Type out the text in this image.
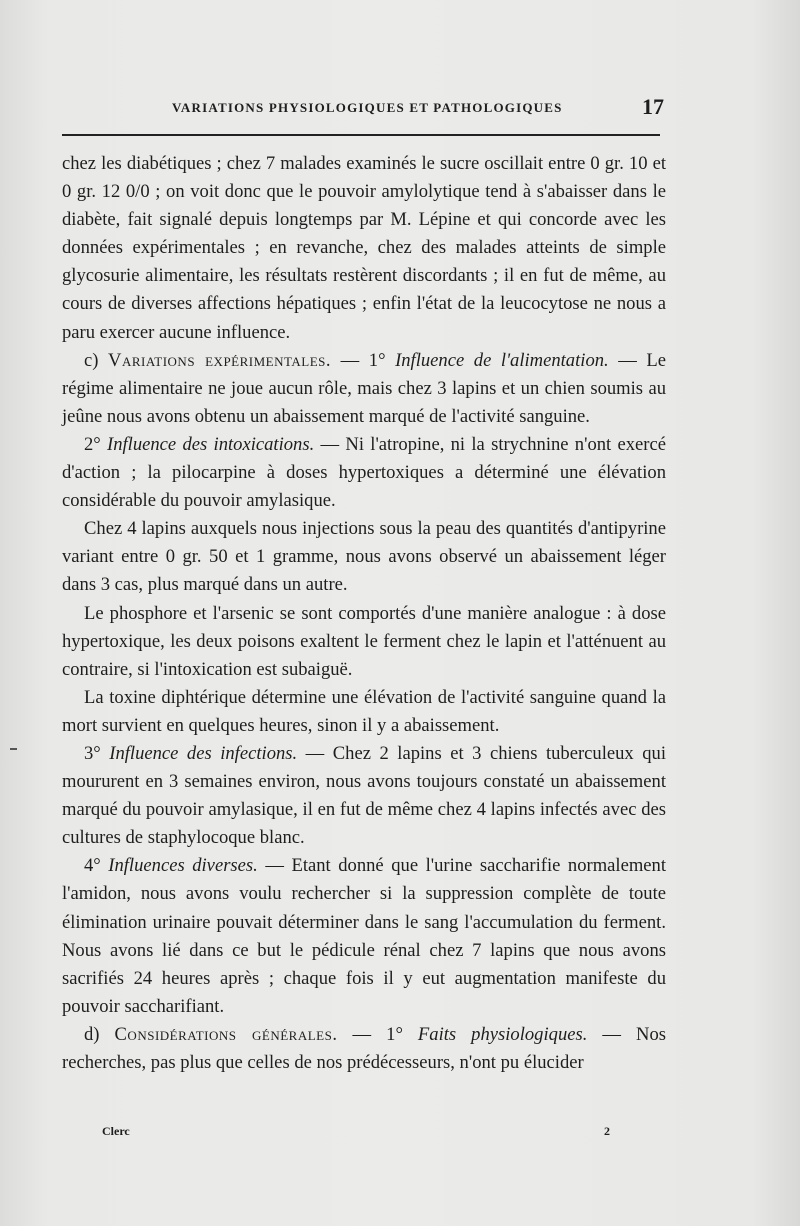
VARIATIONS PHYSIOLOGIQUES ET PATHOLOGIQUES	17

chez les diabétiques ; chez 7 malades examinés le sucre oscillait entre 0 gr. 10 et 0 gr. 12 0/0 ; on voit donc que le pouvoir amylolytique tend à s'abaisser dans le diabète, fait signalé depuis longtemps par M. Lépine et qui concorde avec les données expérimentales ; en revanche, chez des malades atteints de simple glycosurie alimentaire, les résultats restèrent discordants ; il en fut de même, au cours de diverses affections hépatiques ; enfin l'état de la leucocytose ne nous a paru exercer aucune influence.

c) Variations expérimentales. — 1° Influence de l'alimentation. — Le régime alimentaire ne joue aucun rôle, mais chez 3 lapins et un chien soumis au jeûne nous avons obtenu un abaissement marqué de l'activité sanguine.

2° Influence des intoxications. — Ni l'atropine, ni la strychnine n'ont exercé d'action ; la pilocarpine à doses hypertoxiques a déterminé une élévation considérable du pouvoir amylasique.

Chez 4 lapins auxquels nous injections sous la peau des quantités d'antipyrine variant entre 0 gr. 50 et 1 gramme, nous avons observé un abaissement léger dans 3 cas, plus marqué dans un autre.

Le phosphore et l'arsenic se sont comportés d'une manière analogue : à dose hypertoxique, les deux poisons exaltent le ferment chez le lapin et l'atténuent au contraire, si l'intoxication est subaiguë.

La toxine diphtérique détermine une élévation de l'activité sanguine quand la mort survient en quelques heures, sinon il y a abaissement.

3° Influence des infections. — Chez 2 lapins et 3 chiens tuberculeux qui moururent en 3 semaines environ, nous avons toujours constaté un abaissement marqué du pouvoir amylasique, il en fut de même chez 4 lapins infectés avec des cultures de staphylocoque blanc.

4° Influences diverses. — Etant donné que l'urine saccharifie normalement l'amidon, nous avons voulu rechercher si la suppression complète de toute élimination urinaire pouvait déterminer dans le sang l'accumulation du ferment. Nous avons lié dans ce but le pédicule rénal chez 7 lapins que nous avons sacrifiés 24 heures après ; chaque fois il y eut augmentation manifeste du pouvoir saccharifiant.

d) Considérations générales. — 1° Faits physiologiques. — Nos recherches, pas plus que celles de nos prédécesseurs, n'ont pu élucider

Clerc	2
